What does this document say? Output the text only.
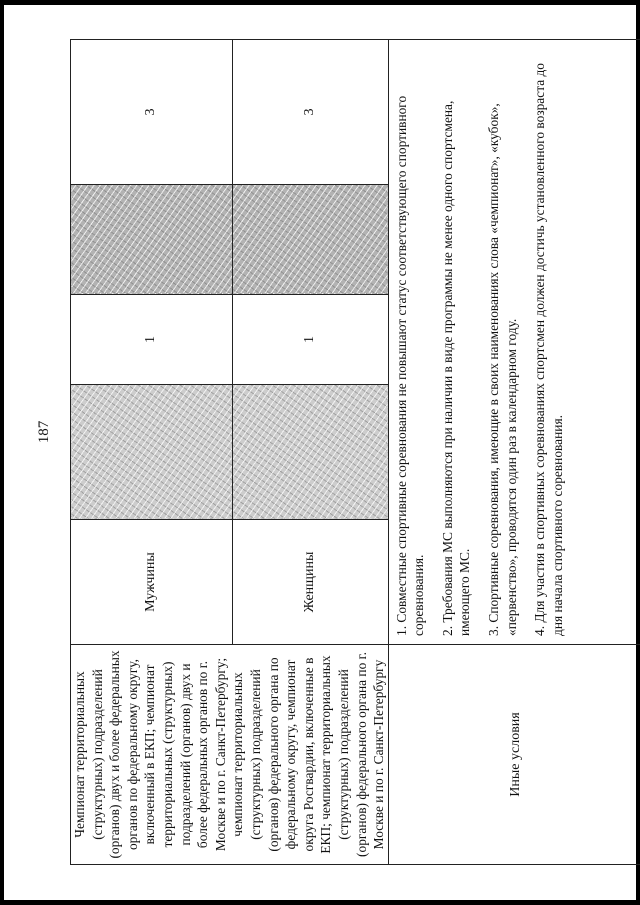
187
Чемпионат территориальных (структурных) подразделений (органов) двух и более федеральных органов по федеральному округу, включенный в ЕКП; чемпионат территориальных (структурных) подразделений (органов) двух и более федеральных органов по г. Москве и по г. Санкт-Петербургу; чемпионат территориальных (структурных) подразделений (органов) федерального органа по федеральному округу, чемпионат округа Росгвардии, включенные в ЕКП; чемпионат территориальных (структурных) подразделений (органов) федерального органа по г. Москве и по г. Санкт-Петербургу	Мужчины		1		3
	Женщины		1		3
Иные условия	1. Совместные спортивные соревнования не повышают статус соответствующего спортивного соревнования. 2. Требования МС выполняются при наличии в виде программы не менее одного спортсмена, имеющего МС. 3. Спортивные соревнования, имеющие в своих наименованиях слова «чемпионат», «кубок», «первенство», проводятся один раз в календарном году. 4. Для участия в спортивных соревнованиях спортсмен должен достичь установленного возраста до дня начала спортивного соревнования.				
